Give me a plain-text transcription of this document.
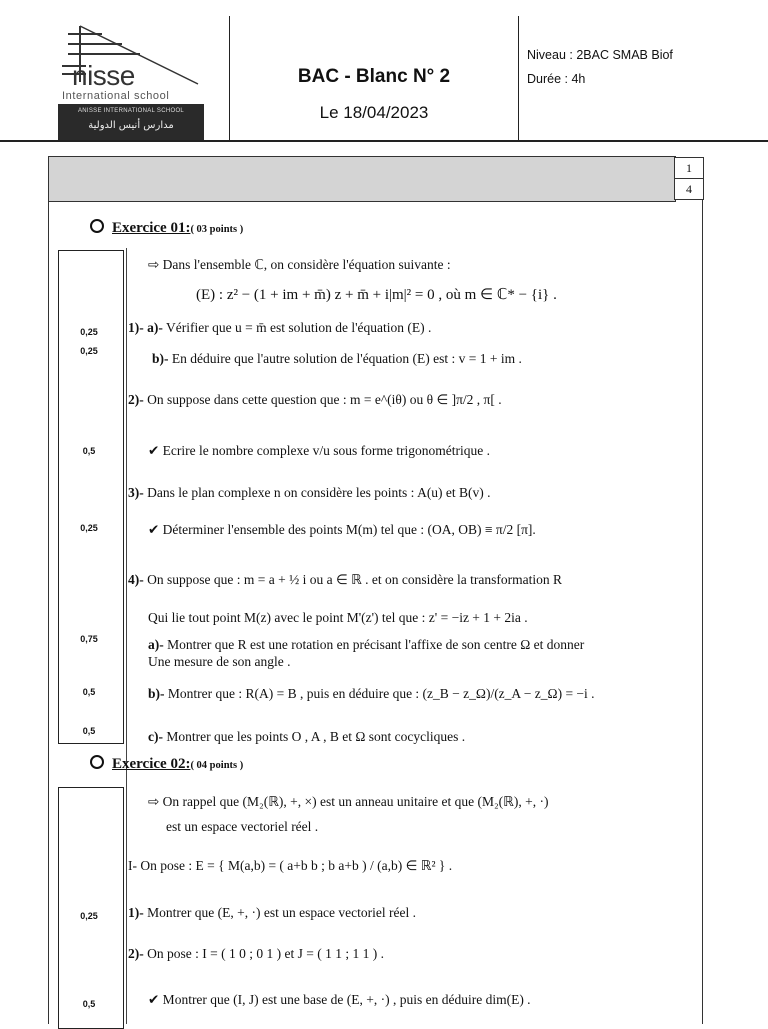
nisse
International school
ANISSE INTERNATIONAL SCHOOL
مدارس أنيس الدولية
BAC - Blanc N° 2
Le 18/04/2023
Niveau : 2BAC SMAB Biof
Durée : 4h
1
4
Exercice 01:( 03 points )
⇨ Dans l'ensemble ℂ, on considère l'équation suivante :
(E) : z² − (1 + im + m̄) z + m̄ + i|m|² = 0 , où m ∈ ℂ* − {i} .
0,25	1)- a)- Vérifier que u = m̄ est solution de l'équation (E) .
0,25	b)- En déduire que l'autre solution de l'équation (E) est : v = 1 + im .
2)- On suppose dans cette question que : m = e^(iθ) ou θ ∈ ]π/2 , π[ .
0,5	✔ Ecrire le nombre complexe v/u sous forme trigonométrique .
3)- Dans le plan complexe n on considère les points : A(u) et B(v) .
0,25	✔ Déterminer l'ensemble des points M(m) tel que : (OA, OB) ≡ π/2 [π].
4)- On suppose que : m = a + ½ i ou a ∈ ℝ . et on considère la transformation R
Qui lie tout point M(z) avec le point M'(z') tel que : z' = −iz + 1 + 2ia .
0,75	a)- Montrer que R est une rotation en précisant l'affixe de son centre Ω et donner
Une mesure de son angle .
0,5	b)- Montrer que : R(A) = B , puis en déduire que : (z_B − z_Ω)/(z_A − z_Ω) = −i .
0,5	c)- Montrer que les points O , A , B et Ω sont cocycliques .
Exercice 02:( 04 points )
⇨ On rappel que (M₂(ℝ), +, ×) est un anneau unitaire et que (M₂(ℝ), +, ·)
est un espace vectoriel réel .
I- On pose : E = { M(a,b) = ( a+b b ; b a+b ) / (a,b) ∈ ℝ² } .
0,25	1)- Montrer que (E, +, ·) est un espace vectoriel réel .
2)- On pose : I = ( 1 0 ; 0 1 ) et J = ( 1 1 ; 1 1 ) .
0,5	✔ Montrer que (I, J) est une base de (E, +, ·) , puis en déduire dim(E) .
